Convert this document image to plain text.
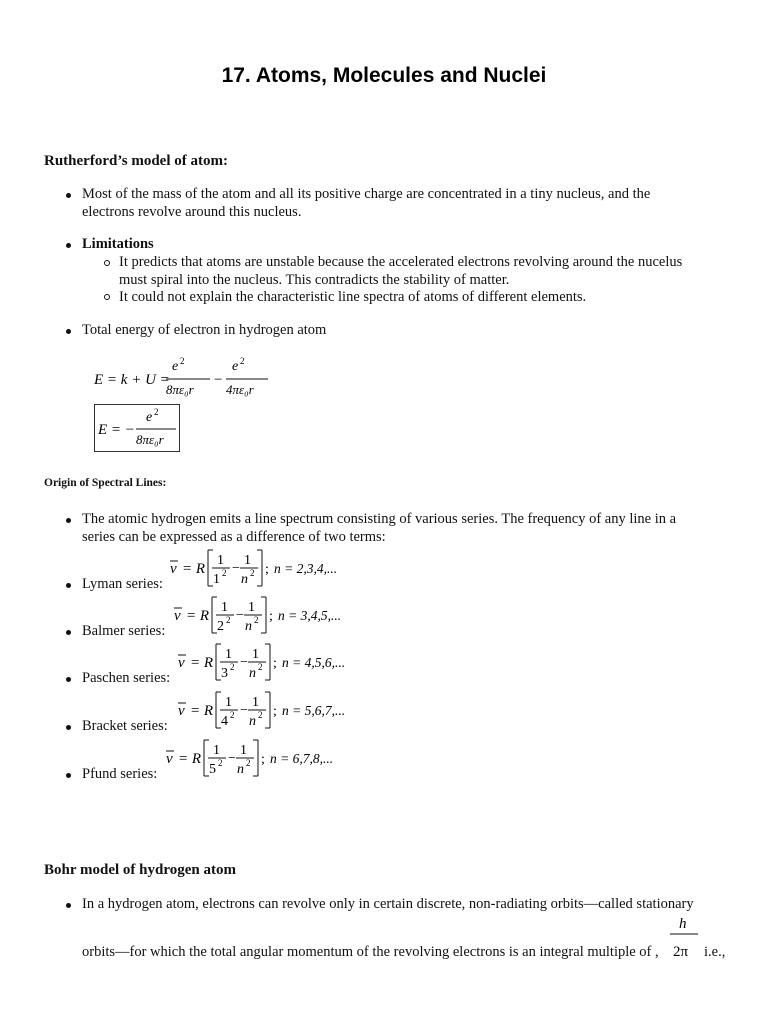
17. Atoms, Molecules and Nuclei
Rutherford’s model of atom:
Most of the mass of the atom and all its positive charge are concentrated in a tiny nucleus, and the
electrons revolve around this nucleus.
Limitations
It predicts that atoms are unstable because the accelerated electrons revolving around the nucelus
must spiral into the nucleus. This contradicts the stability of matter.
It could not explain the characteristic line spectra of atoms of different elements.
Total energy of electron in hydrogen atom
E = k + U =
e 2
8πε₀r
−
e 2
4πε₀r
E = −
e 2
8πε₀r
Origin of Spectral Lines:
The atomic hydrogen emits a line spectrum consisting of various series. The frequency of any line in a
series can be expressed as a difference of two terms:
Lyman series:
ν = R
1
1 2 −
1
n 2 ; n = 2,3,4,...
Balmer series:
ν = R
1
2 2 −
1
n 2 ; n = 3,4,5,...
Paschen series:
ν = R
1
3 2 −
1
n 2 ; n = 4,5,6,...
Bracket series:
ν = R
1
4 2 −
1
n 2 ; n = 5,6,7,...
Pfund series:
ν = R
1
5 2 −
1
n 2 ; n = 6,7,8,...
Bohr model of hydrogen atom
In a hydrogen atom, electrons can revolve only in certain discrete, non-radiating orbits—called stationary
orbits—for which the total angular momentum of the revolving electrons is an integral multiple of ,
h
2π i.e.,
